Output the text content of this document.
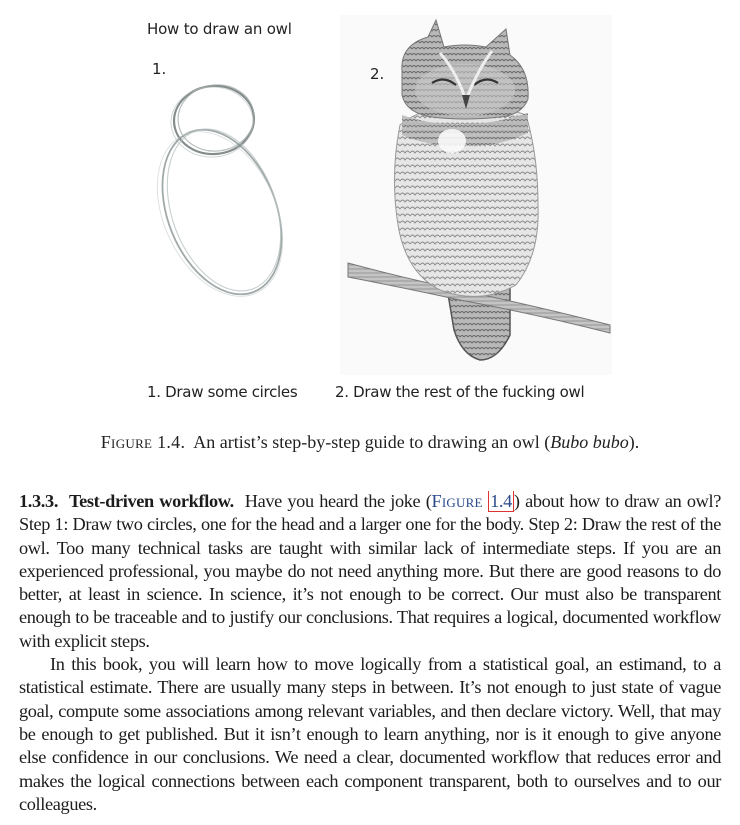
How to draw an owl
1.	2.
1. Draw some circles	2. Draw the rest of the fucking owl
Figure 1.4. An artist’s step-by-step guide to drawing an owl (Bubo bubo).

1.3.3. Test-driven workflow. Have you heard the joke (Figure 1.4 ) about how to draw an owl? Step 1: Draw two circles, one for the head and a larger one for the body. Step 2: Draw the rest of the owl. Too many technical tasks are taught with similar lack of intermediate steps. If you are an experienced professional, you maybe do not need anything more. But there are good reasons to do better, at least in science. In science, it’s not enough to be correct. Our must also be transparent enough to be traceable and to justify our conclusions. That requires a logical, documented workflow with explicit steps.

In this book, you will learn how to move logically from a statistical goal, an estimand, to a statistical estimate. There are usually many steps in between. It’s not enough to just state of vague goal, compute some associations among relevant variables, and then declare victory. Well, that may be enough to get published. But it isn’t enough to learn anything, nor is it enough to give anyone else confidence in our conclusions. We need a clear, documented workflow that reduces error and makes the logical connections between each component transparent, both to ourselves and to our colleagues.
